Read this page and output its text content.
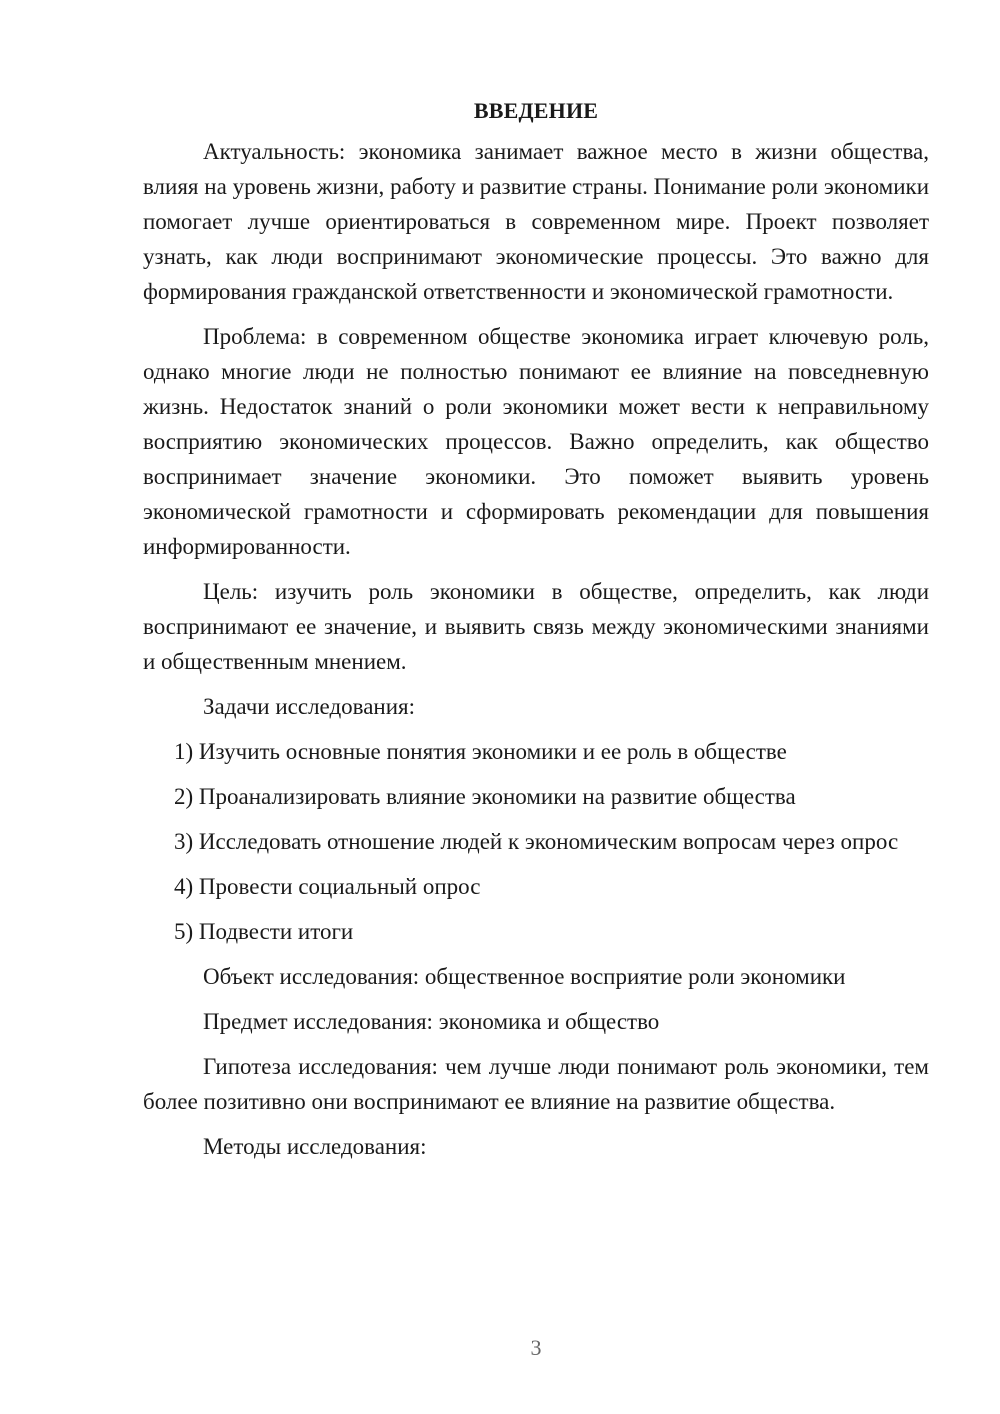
ВВЕДЕНИЕ

Актуальность: экономика занимает важное место в жизни общества, влияя на уровень жизни, работу и развитие страны. Понимание роли экономики помогает лучше ориентироваться в современном мире. Проект позволяет узнать, как люди воспринимают экономические процессы. Это важно для формирования гражданской ответственности и экономической грамотности.

Проблема: в современном обществе экономика играет ключевую роль, однако многие люди не полностью понимают ее влияние на повседневную жизнь. Недостаток знаний о роли экономики может вести к неправильному восприятию экономических процессов. Важно определить, как общество воспринимает значение экономики. Это поможет выявить уровень экономической грамотности и сформировать рекомендации для повышения информированности.

Цель: изучить роль экономики в обществе, определить, как люди воспринимают ее значение, и выявить связь между экономическими знаниями и общественным мнением.

Задачи исследования:

1) Изучить основные понятия экономики и ее роль в обществе

2) Проанализировать влияние экономики на развитие общества

3) Исследовать отношение людей к экономическим вопросам через опрос

4) Провести социальный опрос

5) Подвести итоги

Объект исследования: общественное восприятие роли экономики

Предмет исследования: экономика и общество

Гипотеза исследования: чем лучше люди понимают роль экономики, тем более позитивно они воспринимают ее влияние на развитие общества.

Методы исследования:

3
